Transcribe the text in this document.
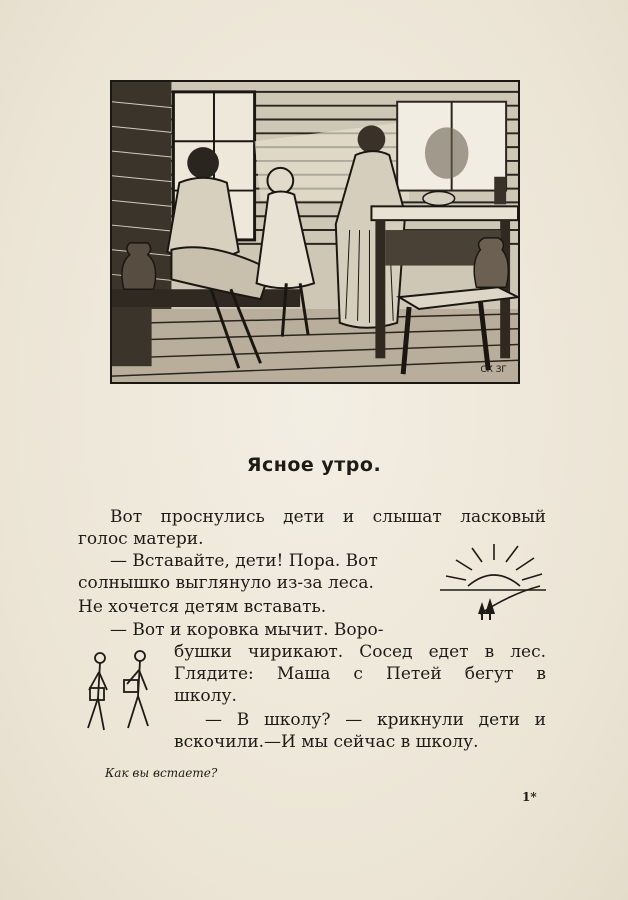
СК ЗГ
Ясное утро.
Вот проснулись дети и слышат ласковый
голос матери.
— Вставайте, дети! Пора. Вот
солнышко выглянуло из-за леса.
Не хочется детям вставать.
— Вот и коровка мычит. Воро-
бушки чирикают. Сосед едет в лес.
Глядите: Маша с Петей бегут в
школу.
— В школу? — крикнули дети и
вскочили.—И мы сейчас в школу.
Как вы встаете?
1*
